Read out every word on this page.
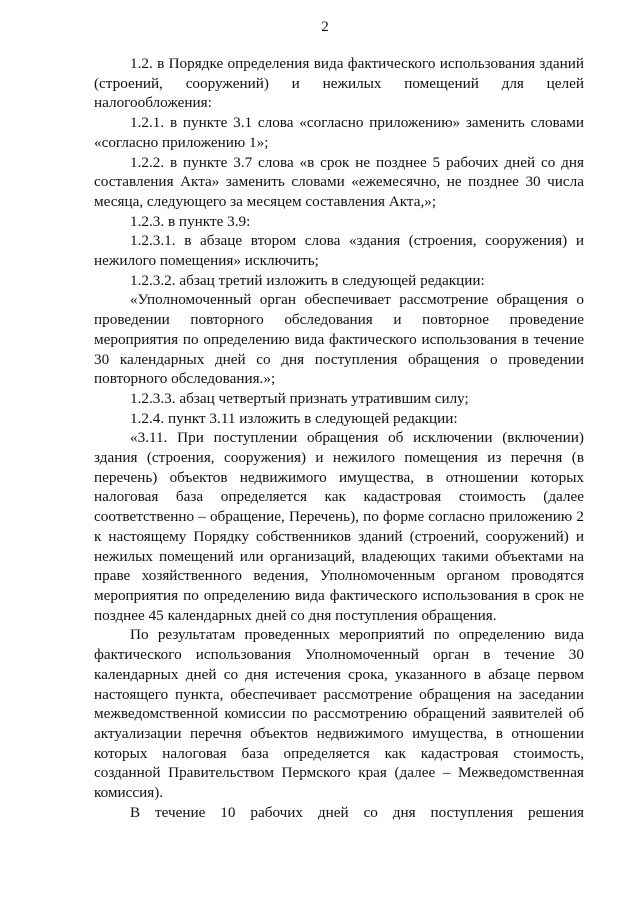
2

1.2. в Порядке определения вида фактического использования зданий (строений, сооружений) и нежилых помещений для целей налогообложения:

1.2.1. в пункте 3.1 слова «согласно приложению» заменить словами «согласно приложению 1»;

1.2.2. в пункте 3.7 слова «в срок не позднее 5 рабочих дней со дня составления Акта» заменить словами «ежемесячно, не позднее 30 числа месяца, следующего за месяцем составления Акта,»;

1.2.3. в пункте 3.9:

1.2.3.1. в абзаце втором слова «здания (строения, сооружения) и нежилого помещения» исключить;

1.2.3.2. абзац третий изложить в следующей редакции:

«Уполномоченный орган обеспечивает рассмотрение обращения о проведении повторного обследования и повторное проведение мероприятия по определению вида фактического использования в течение 30 календарных дней со дня поступления обращения о проведении повторного обследования.»;

1.2.3.3. абзац четвертый признать утратившим силу;

1.2.4. пункт 3.11 изложить в следующей редакции:

«3.11. При поступлении обращения об исключении (включении) здания (строения, сооружения) и нежилого помещения из перечня (в перечень) объектов недвижимого имущества, в отношении которых налоговая база определяется как кадастровая стоимость (далее соответственно – обращение, Перечень), по форме согласно приложению 2 к настоящему Порядку собственников зданий (строений, сооружений) и нежилых помещений или организаций, владеющих такими объектами на праве хозяйственного ведения, Уполномоченным органом проводятся мероприятия по определению вида фактического использования в срок не позднее 45 календарных дней со дня поступления обращения.

По результатам проведенных мероприятий по определению вида фактического использования Уполномоченный орган в течение 30 календарных дней со дня истечения срока, указанного в абзаце первом настоящего пункта, обеспечивает рассмотрение обращения на заседании межведомственной комиссии по рассмотрению обращений заявителей об актуализации перечня объектов недвижимого имущества, в отношении которых налоговая база определяется как кадастровая стоимость, созданной Правительством Пермского края (далее – Межведомственная комиссия).

В течение 10 рабочих дней со дня поступления решения
